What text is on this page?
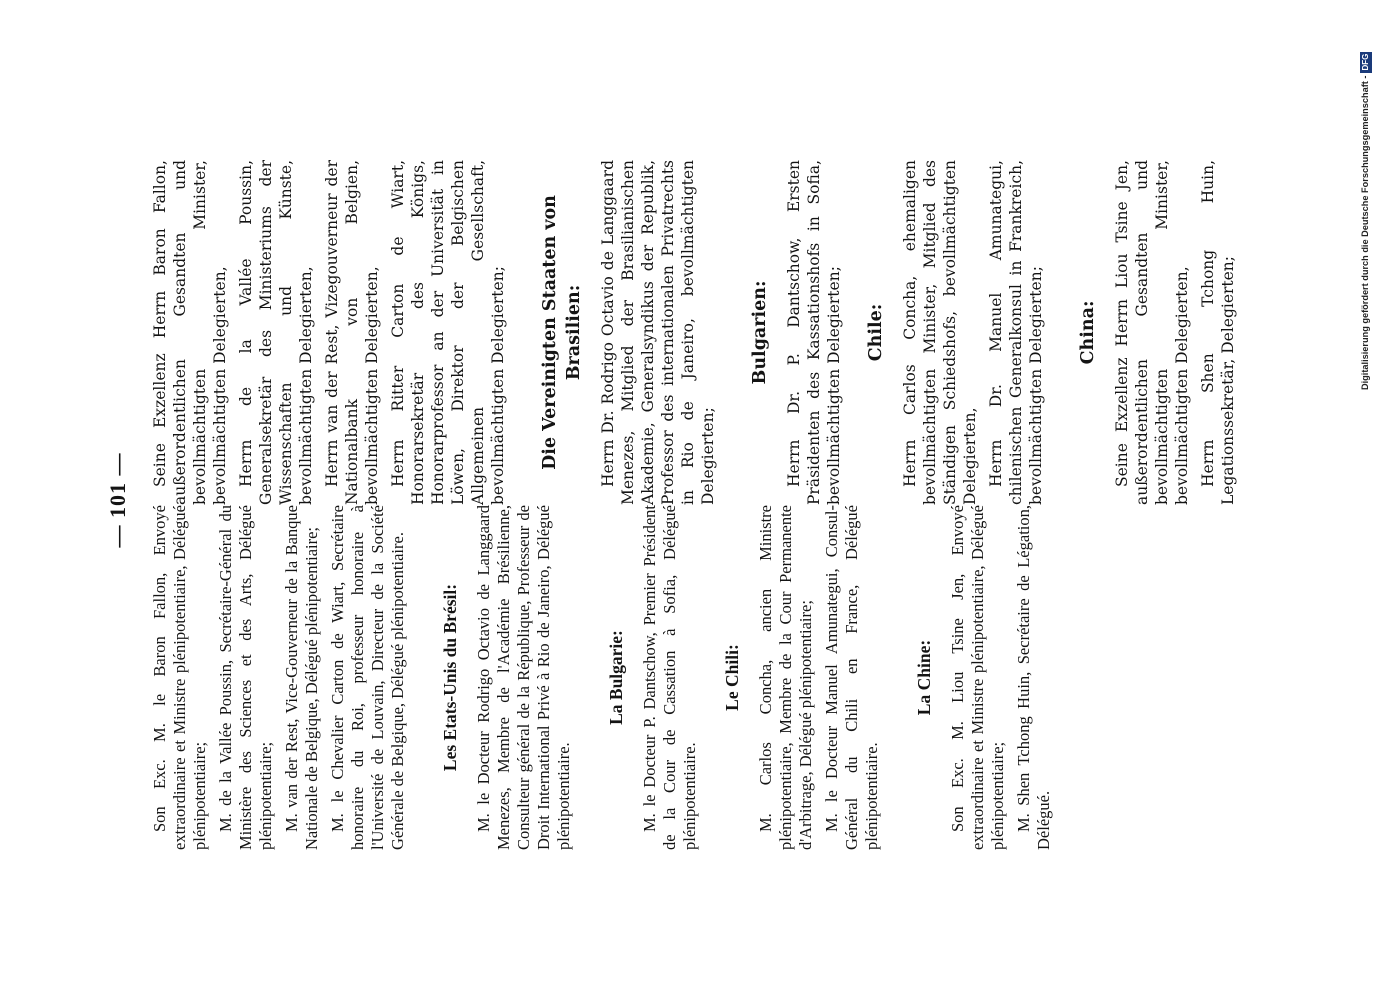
— 101 —

Son Exc. M. le Baron Fallon, Envoyé extraordinaire et Ministre plénipotentiaire, Délégué plénipotentiaire; M. de la Vallée Poussin, Secrétaire-Général du Ministère des Sciences et des Arts, Délégué plénipotentiaire; M. van der Rest, Vice-Gouverneur de la Banque Nationale de Belgique, Délégué plénipotentiaire; M. le Chevalier Carton de Wiart, Secrétaire honoraire du Roi, professeur honoraire à l'Université de Louvain, Directeur de la Société Générale de Belgique, Délégué plénipotentiaire. Les Etats-Unis du Brésil: M. le Docteur Rodrigo Octavio de Langgaard Menezes, Membre de l'Académie Brésilienne, Consulteur général de la République, Professeur de Droit International Privé à Rio de Janeiro, Délégué plénipotentiaire.

La Bulgarie: M. le Docteur P. Dantschow, Premier Président de la Cour de Cassation à Sofia, Délégué plénipotentiaire.

Le Chili: M. Carlos Concha, ancien Ministre plénipotentiaire, Membre de la Cour Permanente d'Arbitrage, Délégué plénipotentiaire; M. le Docteur Manuel Amunategui, Consul-Général du Chili en France, Délégué plénipotentiaire.

La Chine: Son Exc. M. Liou Tsine Jen, Envoyé extraordinaire et Ministre plénipotentiaire, Délégué plénipotentiaire; M. Shen Tchong Huin, Secrétaire de Légation, Délégué.

Seine Exzellenz Herrn Baron Fallon, außerordentlichen Gesandten und bevollmächtigten Minister, bevollmächtigten Delegierten, Herrn de la Vallée Poussin, Generalsekretär des Ministeriums der Wissenschaften und Künste, bevollmächtigten Delegierten, Herrn van der Rest, Vizegouverneur der Nationalbank von Belgien, bevollmächtigten Delegierten, Herrn Ritter Carton de Wiart, Honorarsekretär des Königs, Honorarprofessor an der Universität in Löwen, Direktor der Belgischen Allgemeinen Gesellschaft, bevollmächtigten Delegierten; Die Vereinigten Staaten von Brasilien: Herrn Dr. Rodrigo Octavio de Langgaard Menezes, Mitglied der Brasilianischen Akademie, Generalsyndikus der Republik, Professor des internationalen Privatrechts in Rio de Janeiro, bevollmächtigten Delegierten;

Bulgarien: Herrn Dr. P. Dantschow, Ersten Präsidenten des Kassationshofs in Sofia, bevollmächtigten Delegierten; Chile: Herrn Carlos Concha, ehemaligen bevollmächtigten Minister, Mitglied des Ständigen Schiedshofs, bevollmächtigten Delegierten, Herrn Dr. Manuel Amunategui, chilenischen Generalkonsul in Frankreich, bevollmächtigten Delegierten; China: Seine Exzellenz Herrn Liou Tsine Jen, außerordentlichen Gesandten und bevollmächtigten Minister, bevollmächtigten Delegierten, Herrn Shen Tchong Huin, Legationssekretär, Delegierten;	Digitalisierung gefördert durch die Deutsche Forschungsgemeinschaft -DFG
